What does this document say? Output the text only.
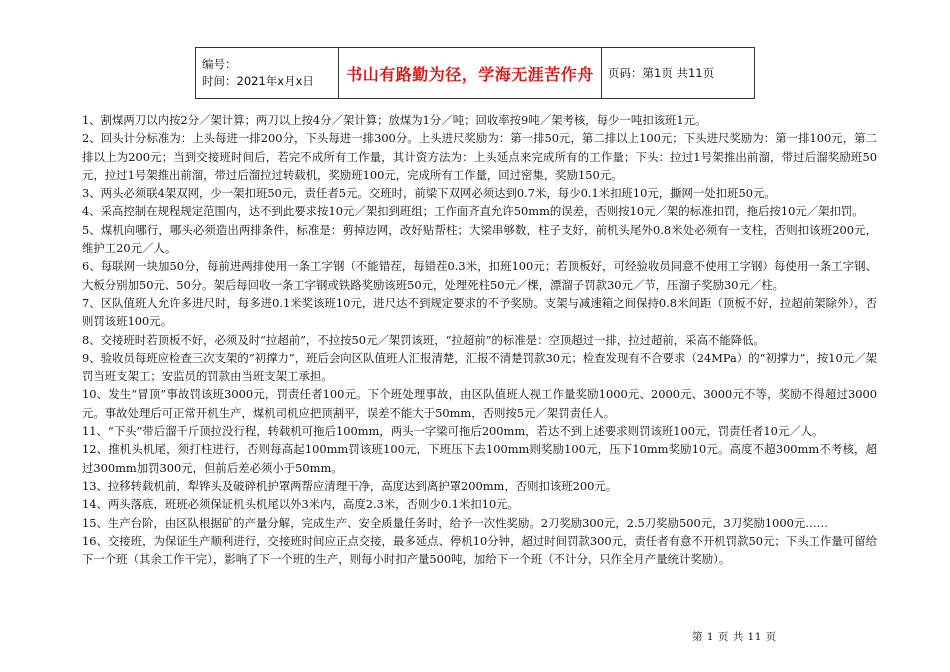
编号：
时间：2021年x月x日	书山有路勤为径，学海无涯苦作舟	页码：第1页 共11页

1、割煤两刀以内按2分／架计算；两刀以上按4分／架计算；放煤为1分／吨；回收率按9吨／架考核，每少一吨扣该班1元。

2、回头计分标准为：上头每进一排200分，下头每进一排300分。上头进尺奖励为：第一排50元，第二排以上100元；下头进尺奖励为：第一排100元，第二排以上为200元；当到交接班时间后，若完不成所有工作量，其计资方法为：上头延点来完成所有的工作量；下头：拉过1号架推出前溜，带过后溜奖励班50元，拉过1号架推出前溜，带过后溜拉过转载机，奖励班100元，完成所有工作量，回过密集，奖励150元。

3、两头必须联4架双网，少一架扣班50元，责任者5元。交班时，前梁下双网必须达到0.7米，每少0.1米扣班10元，撕网一处扣班50元。

4、采高控制在规程规定范围内，达不到此要求按10元／架扣到班组；工作面齐直允许50mm的误差，否则按10元／架的标准扣罚，拖后按10元／架扣罚。

5、煤机向哪行，哪头必须造出两排条件，标准是：剪掉边网，改好贴帮柱；大梁串够数，柱子支好，前机头尾外0.8米处必须有一支柱，否则扣该班200元，维护工20元／人。

6、每联网一块加50分，每前进两排使用一条工字钢（不能错茬，每错茬0.3米，扣班100元；若顶板好，可经验收员同意不使用工字钢）每使用一条工字钢、大板分别加50元、50分。架后每回收一条工字钢或铁路奖励该班50元，处理死柱50元／棵，漂溜子罚款30元／节，压溜子奖励30元／柱。

7、区队值班人允许多进尺时，每多进0.1米奖该班10元，进尺达不到规定要求的不予奖励。支架与减速箱之间保持0.8米间距（顶板不好，拉超前架除外），否则罚该班100元。

8、交接班时若顶板不好，必须及时“拉超前”，不拉按50元／架罚该班，“拉超前”的标准是：空顶超过一排，拉过超前，采高不能降低。

9、验收员每班应检查三次支架的“初撑力”，班后会向区队值班人汇报清楚，汇报不清楚罚款30元；检查发现有不合要求（24MPa）的“初撑力”，按10元／架罚当班支架工；安监员的罚款由当班支架工承担。

10、发生“冒顶”事故罚该班3000元，罚责任者100元。下个班处理事故，由区队值班人视工作量奖励1000元、2000元、3000元不等，奖励不得超过3000元。事故处理后可正常开机生产，煤机司机应把顶割平，误差不能大于50mm，否则按5元／架罚责任人。

11、“下头”带后溜千斤顶拉没行程，转载机可拖后100mm，两头一字梁可拖后200mm，若达不到上述要求则罚该班100元，罚责任者10元／人。

12、推机头机尾，须打柱进行，否则每高起100mm罚该班100元，下班压下去100mm则奖励100元，压下10mm奖励10元。高度不超300mm不考核，超过300mm加罚300元，但前后差必须小于50mm。

13、拉移转载机前，犁铧头及破碎机护罩两帮应清理干净，高度达到离护罩200mm，否则扣该班200元。

14、两头落底，班班必须保证机头机尾以外3米内，高度2.3米，否则少0.1米扣10元。

15、生产台阶，由区队根据矿的产量分解，完成生产、安全质量任务时，给予一次性奖励。2刀奖励300元，2.5刀奖励500元，3刀奖励1000元……

16、交接班，为保证生产顺利进行，交接班时间应正点交接，最多延点、停机10分钟，超过时间罚款300元，责任者有意不开机罚款50元；下头工作量可留给下一个班（其余工作干完），影响了下一个班的生产，则每小时扣产量500吨，加给下一个班（不计分，只作全月产量统计奖励）。

第 1 页 共 11 页
